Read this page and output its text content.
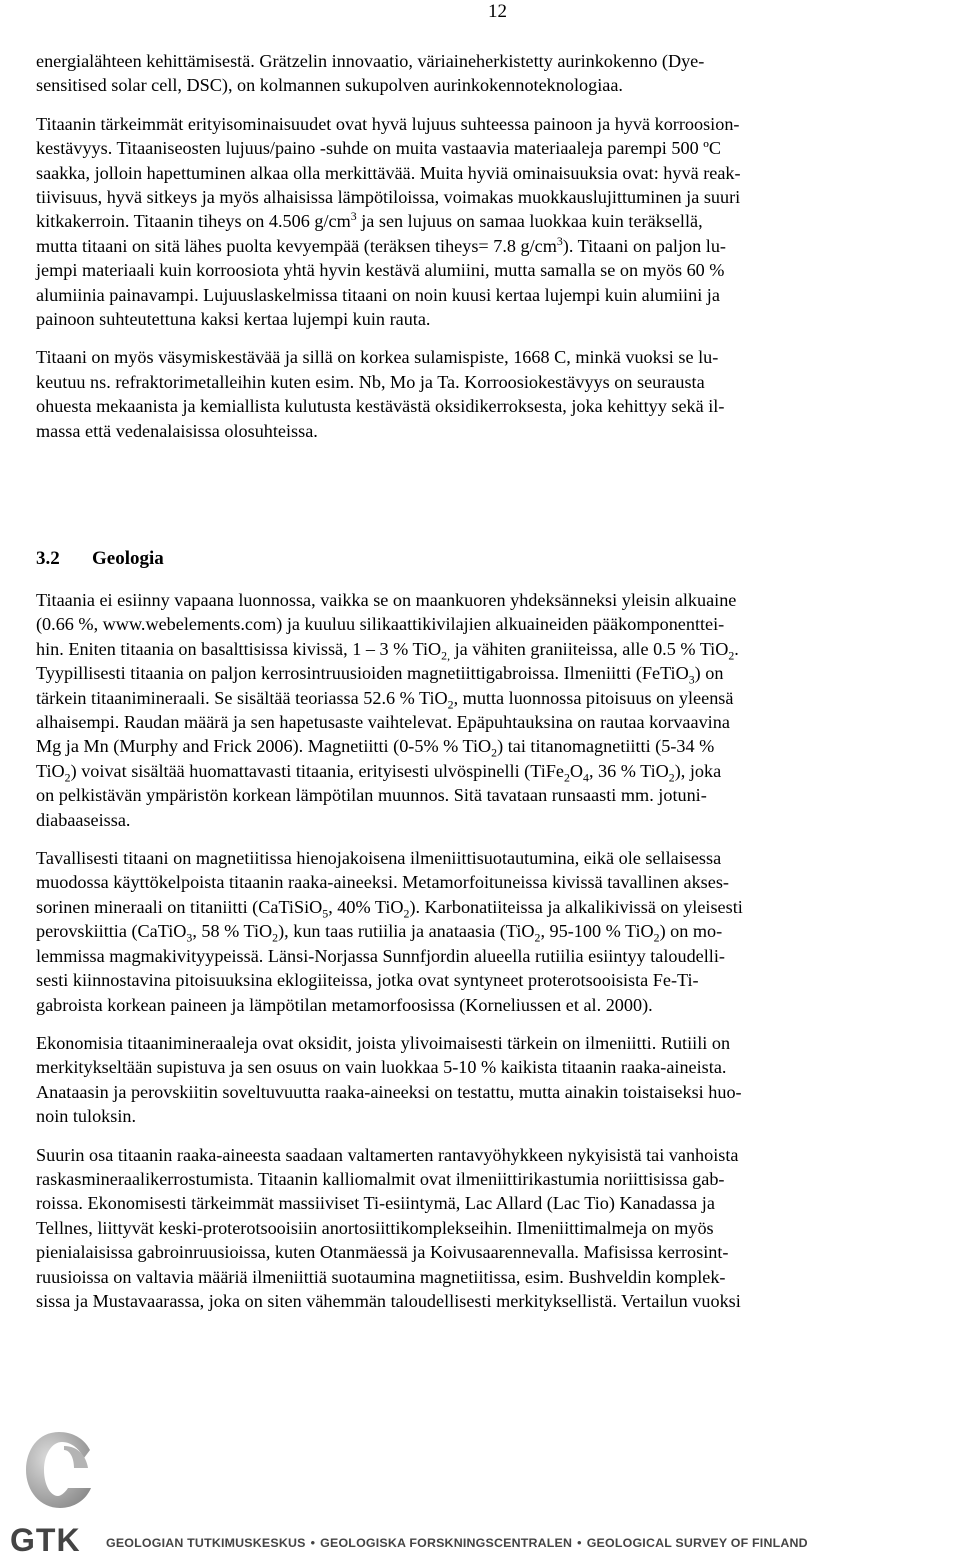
12
energialähteen kehittämisestä. Grätzelin innovaatio, väriaineherkistetty aurinkokenno (Dye-
sensitised solar cell, DSC), on kolmannen sukupolven aurinkokennoteknologiaa.
Titaanin tärkeimmät erityisominaisuudet ovat hyvä lujuus suhteessa painoon ja hyvä korroosion-
kestävyys. Titaaniseosten lujuus/paino -suhde on muita vastaavia materiaaleja parempi 500 ºC
saakka, jolloin hapettuminen alkaa olla merkittävää. Muita hyviä ominaisuuksia ovat: hyvä reak-
tiivisuus, hyvä sitkeys ja myös alhaisissa lämpötiloissa, voimakas muokkauslujittuminen ja suuri
kitkakerroin. Titaanin tiheys on 4.506 $g/cm^3$ ja sen lujuus on samaa luokkaa kuin teräksellä,
mutta titaani on sitä lähes puolta kevyempää (teräksen tiheys= 7.8 $g/cm^3$). Titaani on paljon lu-
jempi materiaali kuin korroosiota yhtä hyvin kestävä alumiini, mutta samalla se on myös 60 %
alumiinia painavampi. Lujuuslaskelmissa titaani on noin kuusi kertaa lujempi kuin alumiini ja
painoon suhteutettuna kaksi kertaa lujempi kuin rauta.
Titaani on myös väsymiskestävää ja sillä on korkea sulamispiste, 1668 C, minkä vuoksi se lu-
keutuu ns. refraktorimetalleihin kuten esim. Nb, Mo ja Ta. Korroosiokestävyys on seurausta
ohuesta mekaanista ja kemiallista kulutusta kestävästä oksidikerroksesta, joka kehittyy sekä il-
massa että vedenalaisissa olosuhteissa.
3.2 Geologia
Titaania ei esiinny vapaana luonnossa, vaikka se on maankuoren yhdeksänneksi yleisin alkuaine
(0.66 %, www.webelements.com) ja kuuluu silikaattikivilajien alkuaineiden pääkomponenttei-
hin. Eniten titaania on basalttisissa kivissä, 1 – 3 % TiO$_{2,}$ ja vähiten graniiteissa, alle 0.5 % TiO$_2$.
Tyypillisesti titaania on paljon kerrosintruusioiden magnetiittigabroissa. Ilmeniitti (FeTiO$_3$) on
tärkein titaanimineraali. Se sisältää teoriassa 52.6 % TiO$_2$, mutta luonnossa pitoisuus on yleensä
alhaisempi. Raudan määrä ja sen hapetusaste vaihtelevat. Epäpuhtauksina on rautaa korvaavina
Mg ja Mn (Murphy and Frick 2006). Magnetiitti (0-5% % TiO$_2$) tai titanomagnetiitti (5-34 %
TiO$_2$) voivat sisältää huomattavasti titaania, erityisesti ulvöspinelli ($TiFe_2O_4$, 36 % TiO$_2$), joka
on pelkistävän ympäristön korkean lämpötilan muunnos. Sitä tavataan runsaasti mm. jotuni-
diabaaseissa.
Tavallisesti titaani on magnetiitissa hienojakoisena ilmeniittisuotautumina, eikä ole sellaisessa
muodossa käyttökelpoista titaanin raaka-aineeksi. Metamorfoituneissa kivissä tavallinen akses-
sorinen mineraali on titaniitti (CaTiSiO$_5$, 40% TiO$_2$). Karbonatiiteissa ja alkalikivissä on yleisesti
perovskiittia (CaTiO$_3$, 58 % TiO$_2$), kun taas rutiilia ja anataasia (TiO$_2$, 95-100 % TiO$_2$) on mo-
lemmissa magmakivityypeissä. Länsi-Norjassa Sunnfjordin alueella rutiilia esiintyy taloudelli-
sesti kiinnostavina pitoisuuksina eklogiiteissa, jotka ovat syntyneet proterotsooisista Fe-Ti-
gabroista korkean paineen ja lämpötilan metamorfoosissa (Korneliussen et al. 2000).
Ekonomisia titaanimineraaleja ovat oksidit, joista ylivoimaisesti tärkein on ilmeniitti. Rutiili on
merkitykseltään supistuva ja sen osuus on vain luokkaa 5-10 % kaikista titaanin raaka-aineista.
Anataasin ja perovskiitin soveltuvuutta raaka-aineeksi on testattu, mutta ainakin toistaiseksi huo-
noin tuloksin.
Suurin osa titaanin raaka-aineesta saadaan valtamerten rantavyöhykkeen nykyisistä tai vanhoista
raskasmineraalikerrostumista. Titaanin kalliomalmit ovat ilmeniittirikastumia noriittisissa gab-
roissa. Ekonomisesti tärkeimmät massiiviset Ti-esiintymä, Lac Allard (Lac Tio) Kanadassa ja
Tellnes, liittyvät keski-proterotsooisiin anortosiittikomplekseihin. Ilmeniittimalmeja on myös
pienialaisissa gabroinruusioissa, kuten Otanmäessä ja Koivusaarennevalla. Mafisissa kerrosint-
ruusioissa on valtavia määriä ilmeniittiä suotaumina magnetiitissa, esim. Bushveldin komplek-
sissa ja Mustavaarassa, joka on siten vähemmän taloudellisesti merkityksellistä. Vertailun vuoksi
GTK GEOLOGIAN TUTKIMUSKESKUS • GEOLOGISKA FORSKNINGSCENTRALEN • GEOLOGICAL SURVEY OF FINLAND
